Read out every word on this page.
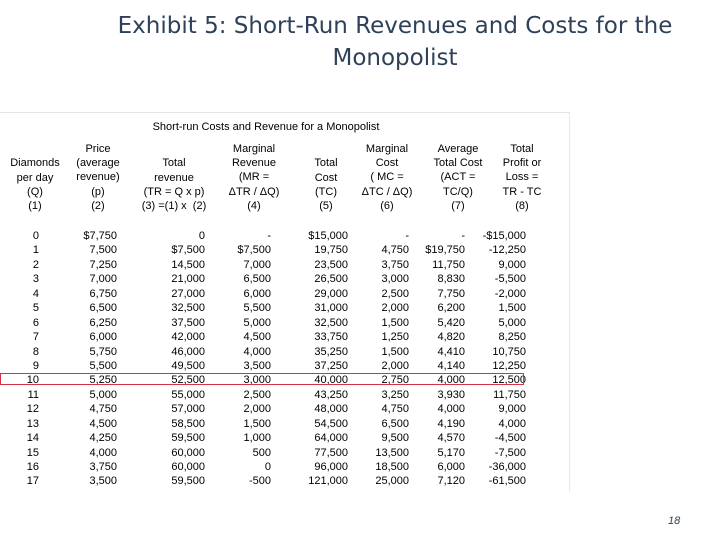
Exhibit 5: Short-Run Revenues and Costs for the
Monopolist
Short-run Costs and Revenue for a Monopolist

Diamonds
per day
(Q)
(1)
Price
(average
revenue)
(p)
(2)

Total
revenue
(TR = Q x p)
(3) =(1) x  (2)
Marginal
Revenue
(MR =
ΔTR / ΔQ)
(4)

Total
Cost
(TC)
(5)
Marginal
Cost
( MC =
ΔTC / ΔQ)
(6)
Average
Total Cost
(ACT =
TC/Q)
(7)
Total
Profit or
Loss =
TR - TC
(8)
0
1
2
3
4
5
6
7
8
9
10
11
12
13
14
15
16
17
$7,750
7,500
7,250
7,000
6,750
6,500
6,250
6,000
5,750
5,500
5,250
5,000
4,750
4,500
4,250
4,000
3,750
3,500
0
$7,500
14,500
21,000
27,000
32,500
37,500
42,000
46,000
49,500
52,500
55,000
57,000
58,500
59,500
60,000
60,000
59,500
-
$7,500
7,000
6,500
6,000
5,500
5,000
4,500
4,000
3,500
3,000
2,500
2,000
1,500
1,000
500
0
-500
$15,000
19,750
23,500
26,500
29,000
31,000
32,500
33,750
35,250
37,250
40,000
43,250
48,000
54,500
64,000
77,500
96,000
121,000
-
4,750
3,750
3,000
2,500
2,000
1,500
1,250
1,500
2,000
2,750
3,250
4,750
6,500
9,500
13,500
18,500
25,000
-
$19,750
11,750
8,830
7,750
6,200
5,420
4,820
4,410
4,140
4,000
3,930
4,000
4,190
4,570
5,170
6,000
7,120
-$15,000
-12,250
9,000
-5,500
-2,000
1,500
5,000
8,250
10,750
12,250
12,500
11,750
9,000
4,000
-4,500
-7,500
-36,000
-61,500
18
